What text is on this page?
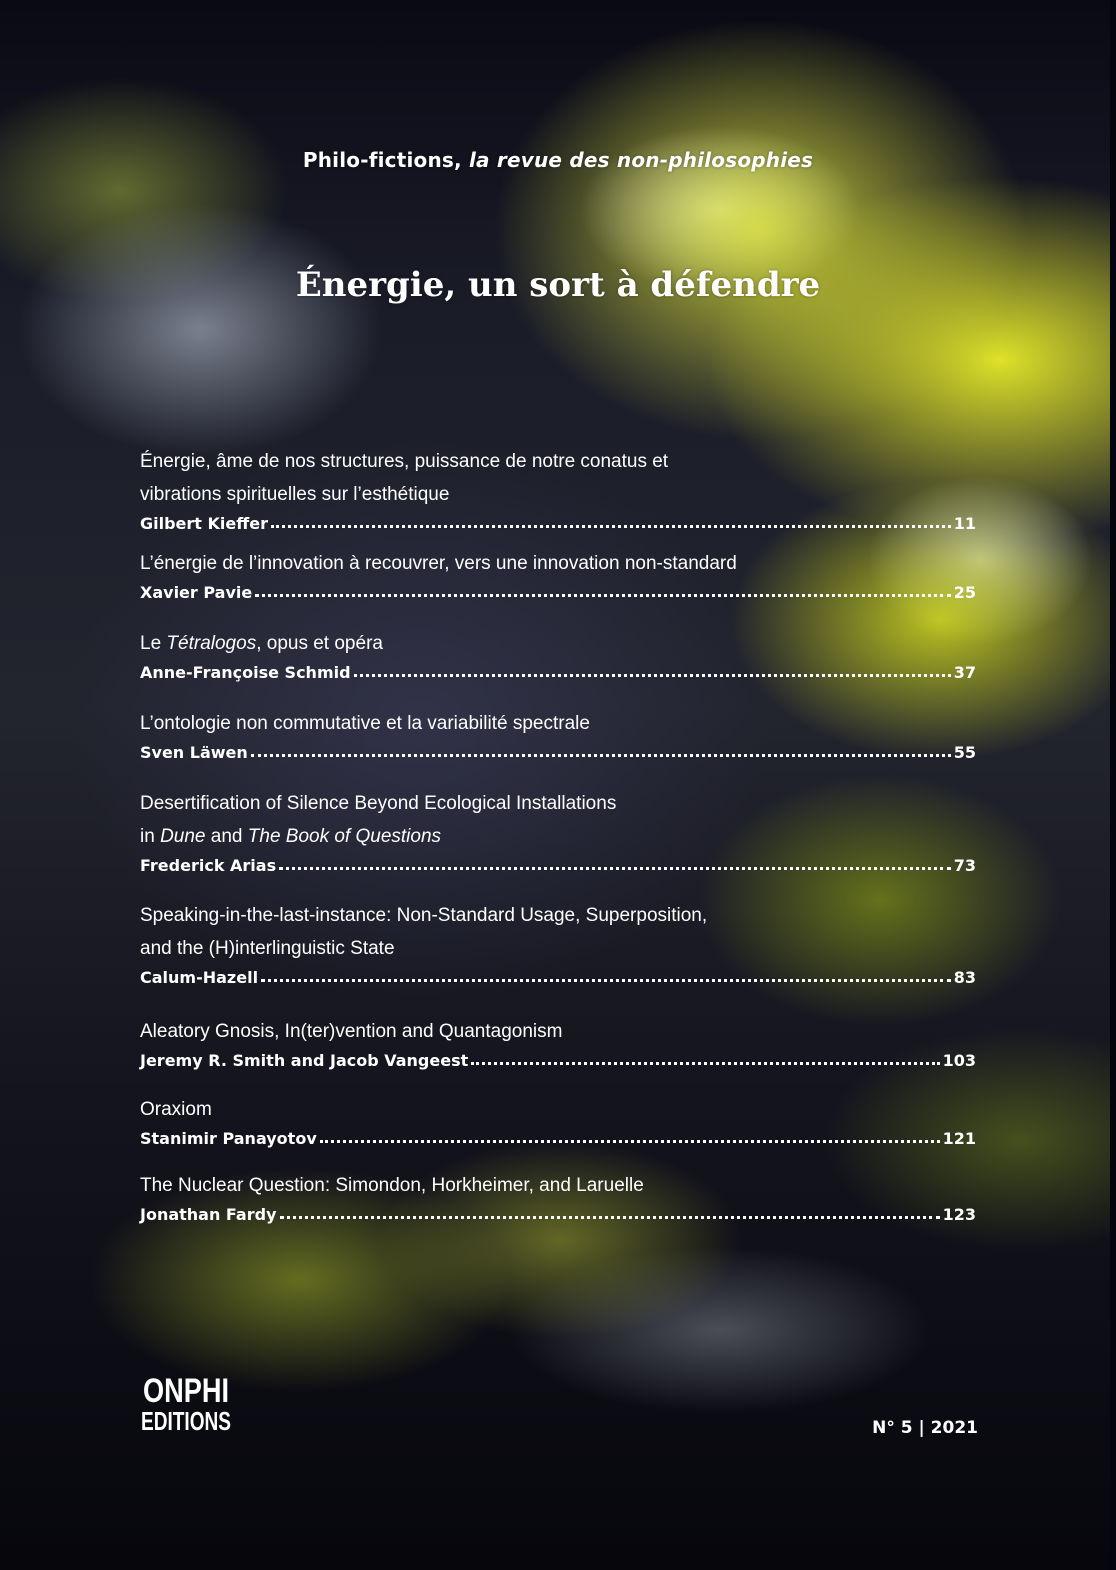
Philo-fictions, la revue des non-philosophies
Énergie, un sort à défendre
Énergie, âme de nos structures, puissance de notre conatus et
vibrations spirituelles sur l’esthétique
Gilbert Kieffer	11
L’énergie de l’innovation à recouvrer, vers une innovation non-standard
Xavier Pavie	25
Le Tétralogos, opus et opéra
Anne-Françoise Schmid	37
L’ontologie non commutative et la variabilité spectrale
Sven Läwen	55
Desertification of Silence Beyond Ecological Installations
in Dune and The Book of Questions
Frederick Arias	73
Speaking-in-the-last-instance: Non-Standard Usage, Superposition,
and the (H)interlinguistic State
Calum-Hazell	83
Aleatory Gnosis, In(ter)vention and Quantagonism
Jeremy R. Smith and Jacob Vangeest	103
Oraxiom
Stanimir Panayotov	121
The Nuclear Question: Simondon, Horkheimer, and Laruelle
Jonathan Fardy	123
ONPHI
EDITIONS	N° 5 | 2021
